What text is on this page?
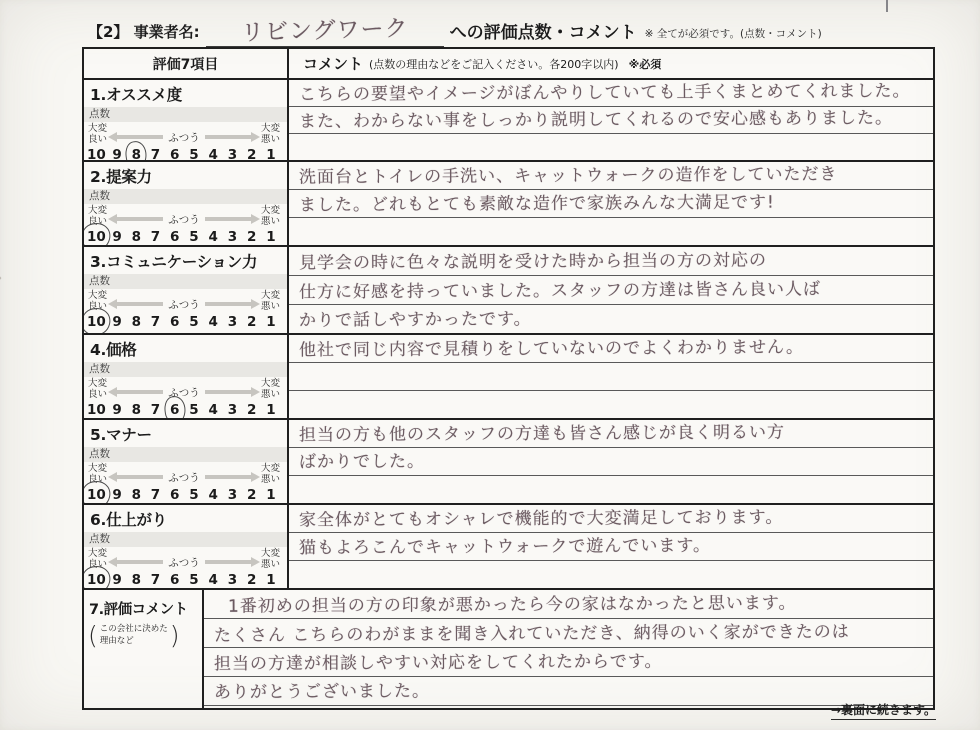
【2】 事業者名:	リビングワーク	への評価点数・コメント ※ 全てが必須です。(点数・コメント)
評価7項目	コメント (点数の理由などをご記入ください。各200字以内) ※必須
1.オススメ度
点数
大変
良い	ふつう
大変
悪い
10 9 8 7 6 5 4 3 2 1
こちらの要望やイメージがぼんやりしていても上手くまとめてくれました。
また、わからない事をしっかり説明してくれるので安心感もありました。
2.提案力
点数
大変
良い	ふつう
大変
悪い
10 9 8 7 6 5 4 3 2 1
洗面台とトイレの手洗い、キャットウォークの造作をしていただき
ました。どれもとても素敵な造作で家族みんな大満足です!
3.コミュニケーション力
点数
大変
良い	ふつう
大変
悪い
10 9 8 7 6 5 4 3 2 1
見学会の時に色々な説明を受けた時から担当の方の対応の
仕方に好感を持っていました。スタッフの方達は皆さん良い人ば
かりで話しやすかったです。
4.価格
点数
大変
良い	ふつう
大変
悪い
10 9 8 7 6 5 4 3 2 1
他社で同じ内容で見積りをしていないのでよくわかりません。
5.マナー
点数
大変
良い	ふつう
大変
悪い
10 9 8 7 6 5 4 3 2 1
担当の方も他のスタッフの方達も皆さん感じが良く明るい方
ばかりでした。
6.仕上がり
点数
大変
良い	ふつう
大変
悪い
10 9 8 7 6 5 4 3 2 1
家全体がとてもオシャレで機能的で大変満足しております。
猫もよろこんでキャットウォークで遊んでいます。
7.評価コメント
( この会社に決めた
理由など	)
1番初めの担当の方の印象が悪かったら今の家はなかったと思います。
たくさん こちらのわがままを聞き入れていただき、納得のいく家ができたのは
担当の方達が相談しやすい対応をしてくれたからです。
ありがとうございました。
→裏面に続きます。
